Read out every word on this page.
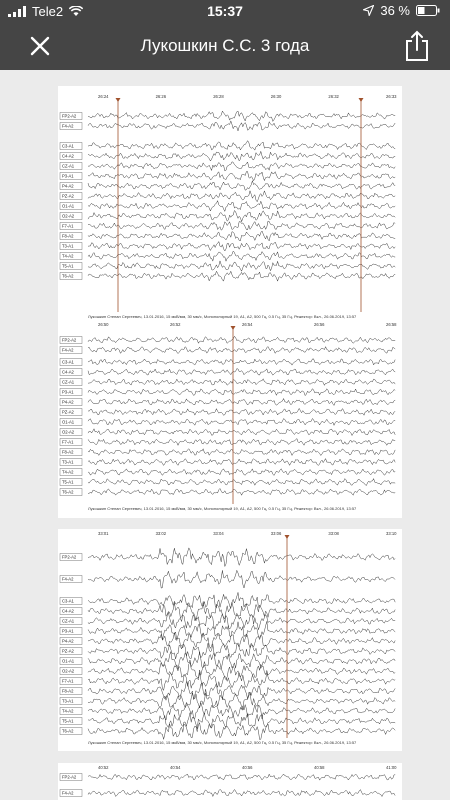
Tele2	15:37	36 %
Лукошкин С.С. 3 года
26:24	26:26	26:28	26:30	26:32	26:33
FP2-A2
F4-A2
C3-A1
C4-A2
CZ-A1
P3-A1
P4-A2
PZ-A2
O1-A1
O2-A2
F7-A1
F8-A2
T3-A1
T4-A2
T5-A1
T6-A2
Лукошкин Степан Сергеевич, 13.01.2016, 15 мкВ/мм, 30 мм/с, Монополярный 19, A1, A2, 500 Гц, 0.5 Гц, 35 Гц, Режектор: Вкл., 26.06.2019, 13:57
26:50	26:52	26:54	26:56	26:58
FP2-A2
F4-A2
C3-A1
C4-A2
CZ-A1
P3-A1
P4-A2
PZ-A2
O1-A1
O2-A2
F7-A1
F8-A2
T3-A1
T4-A2
T5-A1
T6-A2
Лукошкин Степан Сергеевич, 13.01.2016, 15 мкВ/мм, 30 мм/с, Монополярный 19, A1, A2, 500 Гц, 0.5 Гц, 35 Гц, Режектор: Вкл., 26.06.2019, 13:57
33:01	33:02	33:04	33:06	33:08	33:10
FP2-A2
F4-A2
C3-A1
C4-A2
CZ-A1
P3-A1
P4-A2
PZ-A2
O1-A1
O2-A2
F7-A1
F8-A2
T3-A1
T4-A2
T5-A1
T6-A2
Лукошкин Степан Сергеевич, 13.01.2016, 15 мкВ/мм, 30 мм/с, Монополярный 19, A1, A2, 500 Гц, 0.5 Гц, 35 Гц, Режектор: Вкл., 26.06.2019, 13:57
40:52	40:54	40:56	40:58	41:00
FP2-A2
F4-A2
